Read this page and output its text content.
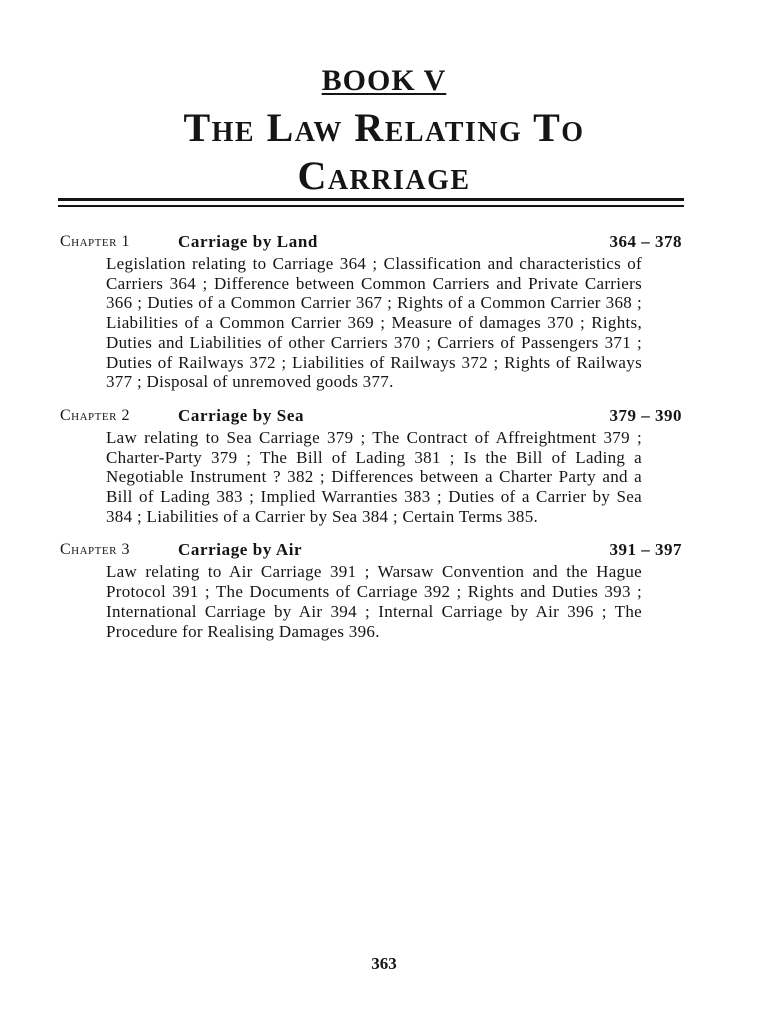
BOOK V
The Law Relating To
Carriage
Chapter 1	Carriage by Land	364 – 378
Legislation relating to Carriage 364 ; Classification and characteristics of Carriers 364 ; Difference between Common Carriers and Private Carriers 366 ; Duties of a Common Carrier 367 ; Rights of a Common Carrier 368 ; Liabilities of a Common Carrier 369 ; Measure of damages 370 ; Rights, Duties and Liabilities of other Carriers 370 ; Carriers of Passengers 371 ; Duties of Railways 372 ; Liabilities of Railways 372 ; Rights of Railways 377 ; Disposal of unremoved goods 377.
Chapter 2	Carriage by Sea	379 – 390
Law relating to Sea Carriage 379 ; The Contract of Affreightment 379 ; Charter-Party 379 ; The Bill of Lading 381 ; Is the Bill of Lading a Negotiable Instrument ? 382 ; Differences between a Charter Party and a Bill of Lading 383 ; Implied Warranties 383 ; Duties of a Carrier by Sea 384 ; Liabilities of a Carrier by Sea 384 ; Certain Terms 385.
Chapter 3	Carriage by Air	391 – 397
Law relating to Air Carriage 391 ; Warsaw Convention and the Hague Protocol 391 ; The Documents of Carriage 392 ; Rights and Duties 393 ; International Carriage by Air 394 ; Internal Carriage by Air 396 ; The Procedure for Realising Damages 396.
363
